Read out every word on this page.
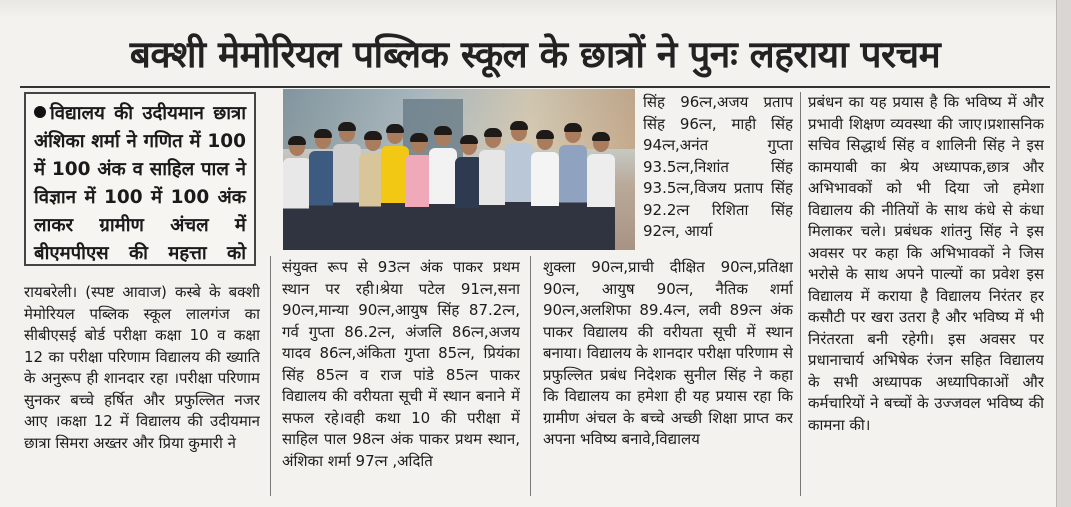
बक्शी मेमोरियल पब्लिक स्कूल के छात्रों ने पुनः लहराया परचम
विद्यालय की उदीयमान छात्रा अंशिका शर्मा ने गणित में 100 में 100 अंक व साहिल पाल ने विज्ञान में 100 में 100 अंक लाकर ग्रामीण अंचल में बीएमपीएस की महत्ता को
रायबरेली। (स्पष्ट आवाज) कस्बे के बक्शी मेमोरियल पब्लिक स्कूल लालगंज का सीबीएसई बोर्ड परीक्षा कक्षा 10 व कक्षा 12 का परीक्षा परिणाम विद्यालय की ख्याति के अनुरूप ही शानदार रहा ।परीक्षा परिणाम सुनकर बच्चे हर्षित और प्रफुल्लित नजर आए ।कक्षा 12 में विद्यालय की उदीयमान छात्रा सिमरा अख्तर और प्रिया कुमारी ने
संयुक्त रूप से 93त्न अंक पाकर प्रथम स्थान पर रही।श्रेया पटेल 91त्न,सना 90त्न,मान्या 90त्न,आयुष सिंह 87.2त्न, गर्व गुप्ता 86.2त्न, अंजलि 86त्न,अजय यादव 86त्न,अंकिता गुप्ता 85त्न, प्रियंका सिंह 85त्न व राज पांडे 85त्न पाकर विद्यालय की वरीयता सूची में स्थान बनाने में सफल रहे।वही कथा 10 की परीक्षा में साहिल पाल 98त्न अंक पाकर प्रथम स्थान, अंशिका शर्मा 97त्न ,अदिति
सिंह 96त्न,अजय प्रताप सिंह 96त्न, माही सिंह 94त्न,अनंत गुप्ता 93.5त्न,निशांत सिंह 93.5त्न,विजय प्रताप सिंह 92.2त्न रिशिता सिंह 92त्न, आर्या
शुक्ला 90त्न,प्राची दीक्षित 90त्न,प्रतिक्षा 90त्न, आयुष 90त्न, नैतिक शर्मा 90त्न,अलशिफा 89.4त्न, लवी 89त्न अंक पाकर विद्यालय की वरीयता सूची में स्थान बनाया। विद्यालय के शानदार परीक्षा परिणाम से प्रफुल्लित प्रबंध निदेशक सुनील सिंह ने कहा कि विद्यालय का हमेशा ही यह प्रयास रहा कि ग्रामीण अंचल के बच्चे अच्छी शिक्षा प्राप्त कर अपना भविष्य बनावे,विद्यालय
प्रबंधन का यह प्रयास है कि भविष्य में और प्रभावी शिक्षण व्यवस्था की जाए।प्रशासनिक सचिव सिद्धार्थ सिंह व शालिनी सिंह ने इस कामयाबी का श्रेय अध्यापक,छात्र और अभिभावकों को भी दिया जो हमेशा विद्यालय की नीतियों के साथ कंधे से कंधा मिलाकर चले। प्रबंधक शांतनु सिंह ने इस अवसर पर कहा कि अभिभावकों ने जिस भरोसे के साथ अपने पाल्यों का प्रवेश इस विद्यालय में कराया है विद्यालय निरंतर हर कसौटी पर खरा उतरा है और भविष्य में भी निरंतरता बनी रहेगी। इस अवसर पर प्रधानाचार्य अभिषेक रंजन सहित विद्यालय के सभी अध्यापक अध्यापिकाओं और कर्मचारियों ने बच्चों के उज्जवल भविष्य की कामना की।
